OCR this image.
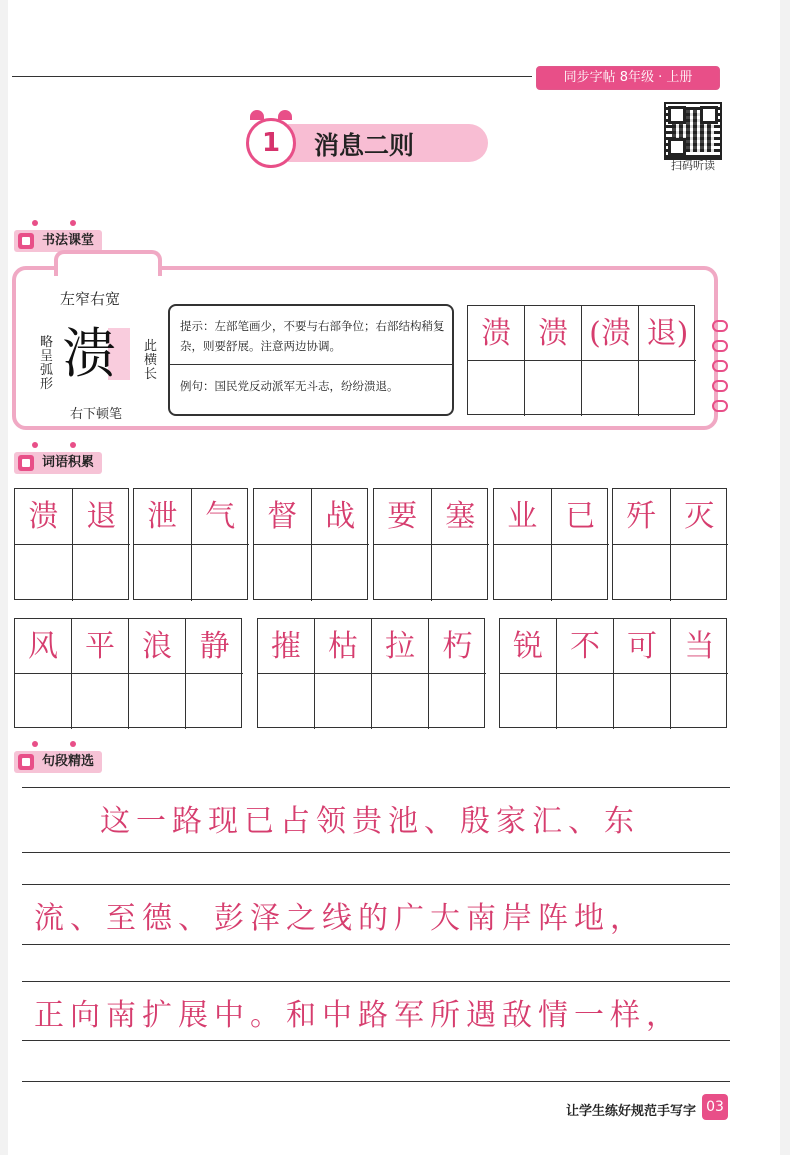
同步字帖 8年级 · 上册
扫码听读
1	消息二则
书法课堂
左窄右宽
溃
略呈弧形
此横长
右下顿笔
提示：左部笔画少，不要与右部争位；右部结构稍复杂，则要舒展。注意两边协调。
例句：国民党反动派军无斗志，纷纷溃退。
溃 溃 (溃 退)
词语积累
溃 退	泄 气	督 战	要 塞	业 已	歼 灭
风 平 浪 静	摧 枯 拉 朽	锐 不 可 当
句段精选
这一路现已占领贵池、殷家汇、东
流、至德、彭泽之线的广大南岸阵地，
正向南扩展中。和中路军所遇敌情一样，
让学生练好规范手写字 03
